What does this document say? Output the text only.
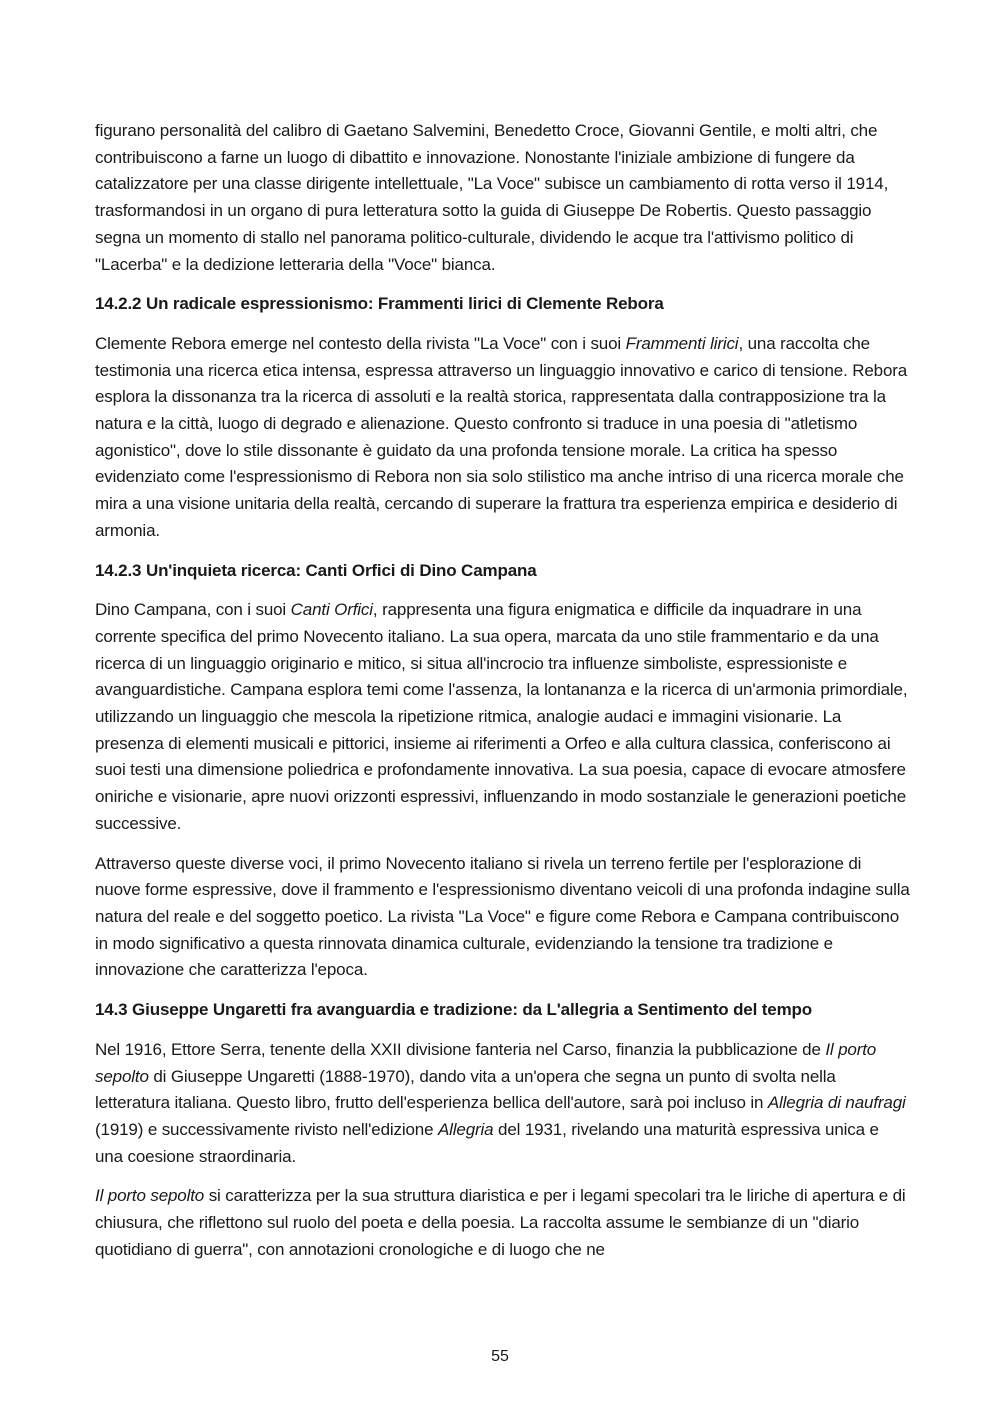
figurano personalità del calibro di Gaetano Salvemini, Benedetto Croce, Giovanni Gentile, e molti altri, che contribuiscono a farne un luogo di dibattito e innovazione. Nonostante l'iniziale ambizione di fungere da catalizzatore per una classe dirigente intellettuale, "La Voce" subisce un cambiamento di rotta verso il 1914, trasformandosi in un organo di pura letteratura sotto la guida di Giuseppe De Robertis. Questo passaggio segna un momento di stallo nel panorama politico-culturale, dividendo le acque tra l'attivismo politico di "Lacerba" e la dedizione letteraria della "Voce" bianca.

14.2.2 Un radicale espressionismo: Frammenti lirici di Clemente Rebora

Clemente Rebora emerge nel contesto della rivista "La Voce" con i suoi Frammenti lirici, una raccolta che testimonia una ricerca etica intensa, espressa attraverso un linguaggio innovativo e carico di tensione. Rebora esplora la dissonanza tra la ricerca di assoluti e la realtà storica, rappresentata dalla contrapposizione tra la natura e la città, luogo di degrado e alienazione. Questo confronto si traduce in una poesia di "atletismo agonistico", dove lo stile dissonante è guidato da una profonda tensione morale. La critica ha spesso evidenziato come l'espressionismo di Rebora non sia solo stilistico ma anche intriso di una ricerca morale che mira a una visione unitaria della realtà, cercando di superare la frattura tra esperienza empirica e desiderio di armonia.

14.2.3 Un'inquieta ricerca: Canti Orfici di Dino Campana

Dino Campana, con i suoi Canti Orfici, rappresenta una figura enigmatica e difficile da inquadrare in una corrente specifica del primo Novecento italiano. La sua opera, marcata da uno stile frammentario e da una ricerca di un linguaggio originario e mitico, si situa all'incrocio tra influenze simboliste, espressioniste e avanguardistiche. Campana esplora temi come l'assenza, la lontananza e la ricerca di un'armonia primordiale, utilizzando un linguaggio che mescola la ripetizione ritmica, analogie audaci e immagini visionarie. La presenza di elementi musicali e pittorici, insieme ai riferimenti a Orfeo e alla cultura classica, conferiscono ai suoi testi una dimensione poliedrica e profondamente innovativa. La sua poesia, capace di evocare atmosfere oniriche e visionarie, apre nuovi orizzonti espressivi, influenzando in modo sostanziale le generazioni poetiche successive.

Attraverso queste diverse voci, il primo Novecento italiano si rivela un terreno fertile per l'esplorazione di nuove forme espressive, dove il frammento e l'espressionismo diventano veicoli di una profonda indagine sulla natura del reale e del soggetto poetico. La rivista "La Voce" e figure come Rebora e Campana contribuiscono in modo significativo a questa rinnovata dinamica culturale, evidenziando la tensione tra tradizione e innovazione che caratterizza l'epoca.

14.3 Giuseppe Ungaretti fra avanguardia e tradizione: da L'allegria a Sentimento del tempo

Nel 1916, Ettore Serra, tenente della XXII divisione fanteria nel Carso, finanzia la pubblicazione de Il porto sepolto di Giuseppe Ungaretti (1888-1970), dando vita a un'opera che segna un punto di svolta nella letteratura italiana. Questo libro, frutto dell'esperienza bellica dell'autore, sarà poi incluso in Allegria di naufragi (1919) e successivamente rivisto nell'edizione Allegria del 1931, rivelando una maturità espressiva unica e una coesione straordinaria.

Il porto sepolto si caratterizza per la sua struttura diaristica e per i legami specolari tra le liriche di apertura e di chiusura, che riflettono sul ruolo del poeta e della poesia. La raccolta assume le sembianze di un "diario quotidiano di guerra", con annotazioni cronologiche e di luogo che ne

55
